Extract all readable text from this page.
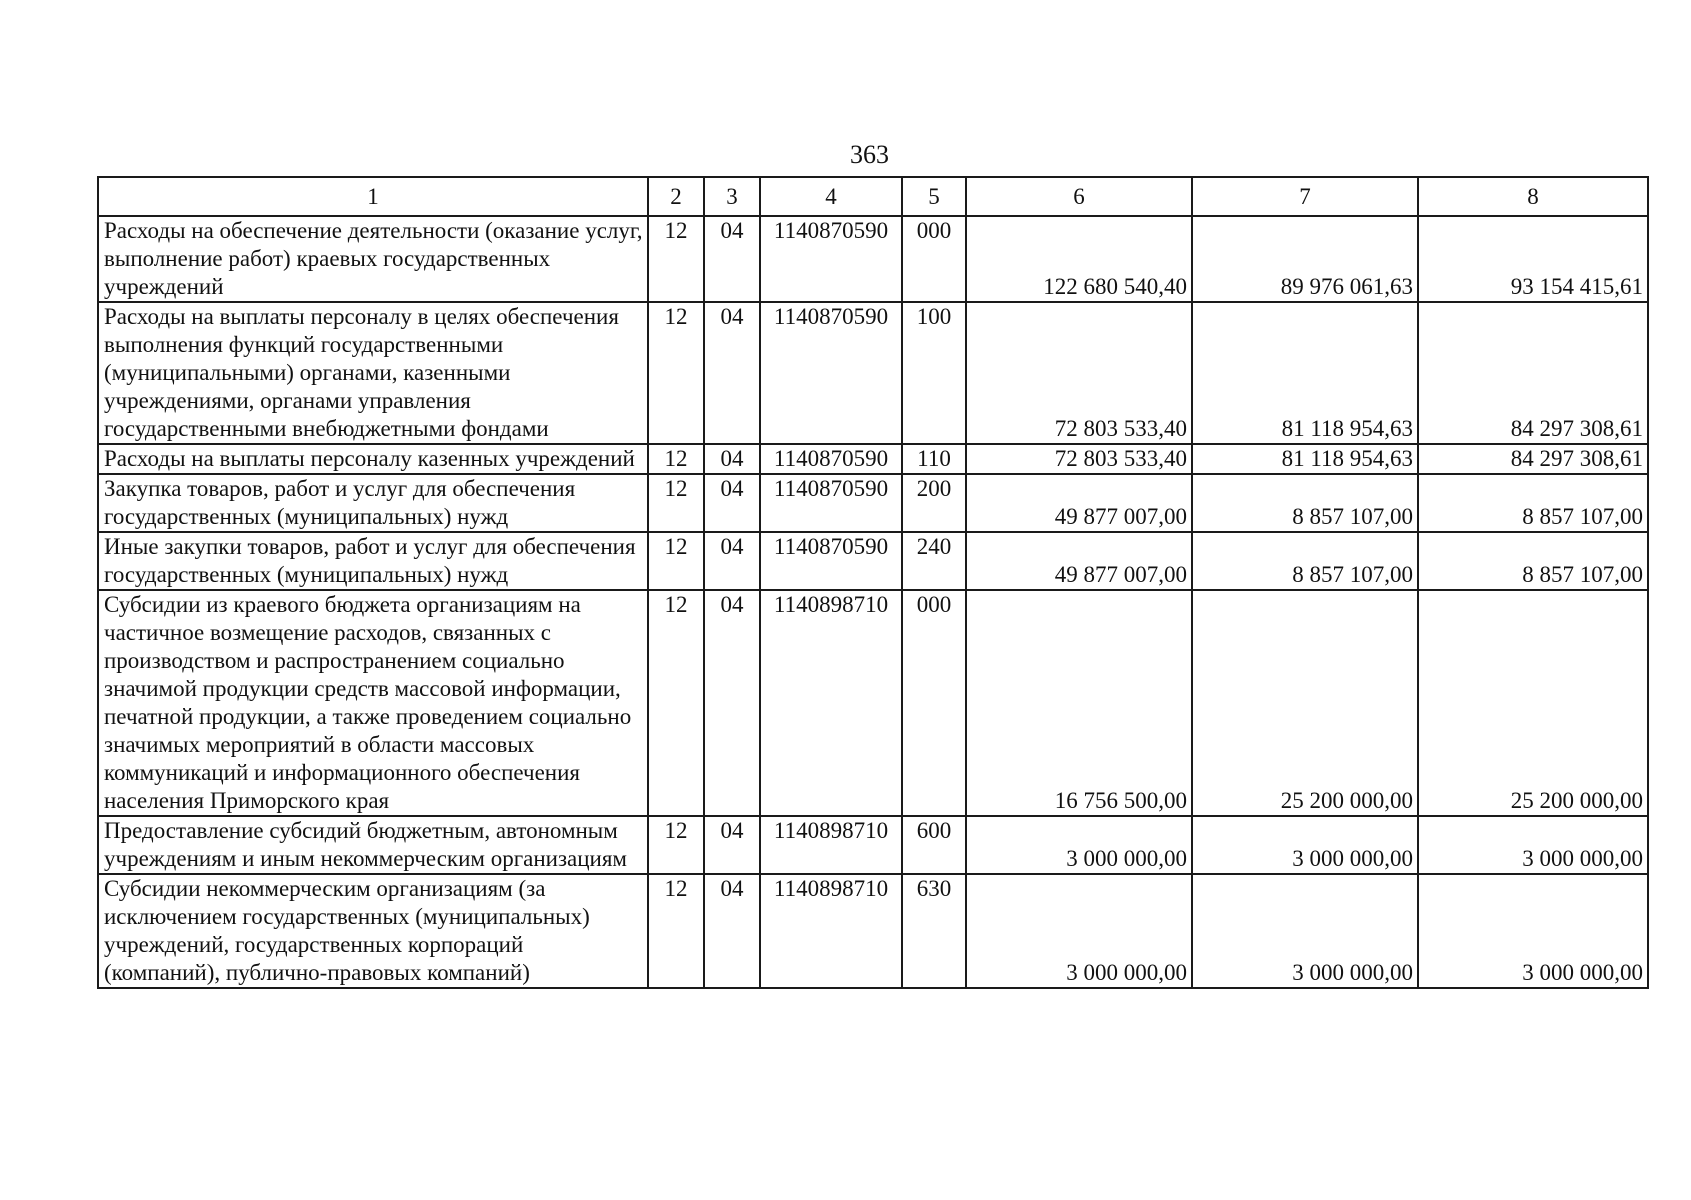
363
1	2	3	4	5	6	7	8
Расходы на обеспечение деятельности (оказание услуг, выполнение работ) краевых государственных учреждений	12	04	1140870590	000	122 680 540,40	89 976 061,63	93 154 415,61
Расходы на выплаты персоналу в целях обеспечения выполнения функций государственными (муниципальными) органами, казенными учреждениями, органами управления государственными внебюджетными фондами	12	04	1140870590	100	72 803 533,40	81 118 954,63	84 297 308,61
Расходы на выплаты персоналу казенных учреждений	12	04	1140870590	110	72 803 533,40	81 118 954,63	84 297 308,61
Закупка товаров, работ и услуг для обеспечения государственных (муниципальных) нужд	12	04	1140870590	200	49 877 007,00	8 857 107,00	8 857 107,00
Иные закупки товаров, работ и услуг для обеспечения государственных (муниципальных) нужд	12	04	1140870590	240	49 877 007,00	8 857 107,00	8 857 107,00
Субсидии из краевого бюджета организациям на частичное возмещение расходов, связанных с производством и распространением социально значимой продукции средств массовой информации, печатной продукции, а также проведением социально значимых мероприятий в области массовых коммуникаций и информационного обеспечения населения Приморского края	12	04	1140898710	000	16 756 500,00	25 200 000,00	25 200 000,00
Предоставление субсидий бюджетным, автономным учреждениям и иным некоммерческим организациям	12	04	1140898710	600	3 000 000,00	3 000 000,00	3 000 000,00
Субсидии некоммерческим организациям (за исключением государственных (муниципальных) учреждений, государственных корпораций (компаний), публично-правовых компаний)	12	04	1140898710	630	3 000 000,00	3 000 000,00	3 000 000,00
